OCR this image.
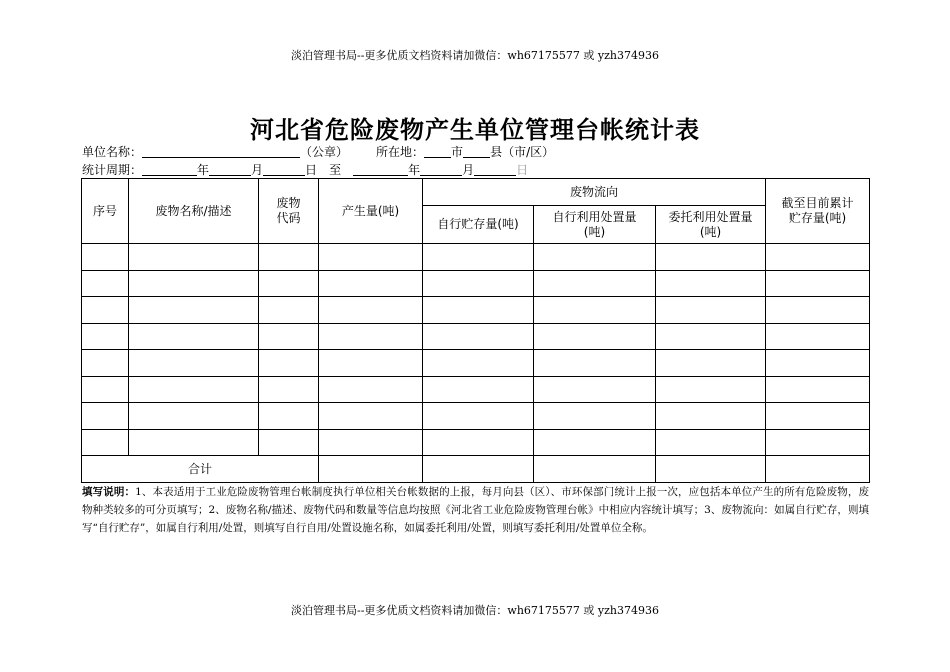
淡泊管理书局--更多优质文档资料请加微信：wh67175577 或 yzh374936
河北省危险废物产生单位管理台帐统计表
单位名称：	（公章） 所在地： 市 县（市/区）
统计周期：	年	月	日 至	年	月	日
序号	废物名称/描述	废物代码	产生量(吨)	废物流向			截至目前累计贮存量(吨)

				自行贮存量(吨)	自行利用处置量(吨)	委托利用处置量(吨)	

合计							
填写说明：1、本表适用于工业危险废物管理台帐制度执行单位相关台帐数据的上报，每月向县（区）、市环保部门统计上报一次，应包括本单位产生的所有危险废物，废物种类较多的可分页填写；2、废物名称/描述、废物代码和数量等信息均按照《河北省工业危险废物管理台帐》中相应内容统计填写；3、废物流向：如属自行贮存，则填写“自行贮存”，如属自行利用/处置，则填写自行自用/处置设施名称，如属委托利用/处置，则填写委托利用/处置单位全称。
淡泊管理书局--更多优质文档资料请加微信：wh67175577 或 yzh374936
